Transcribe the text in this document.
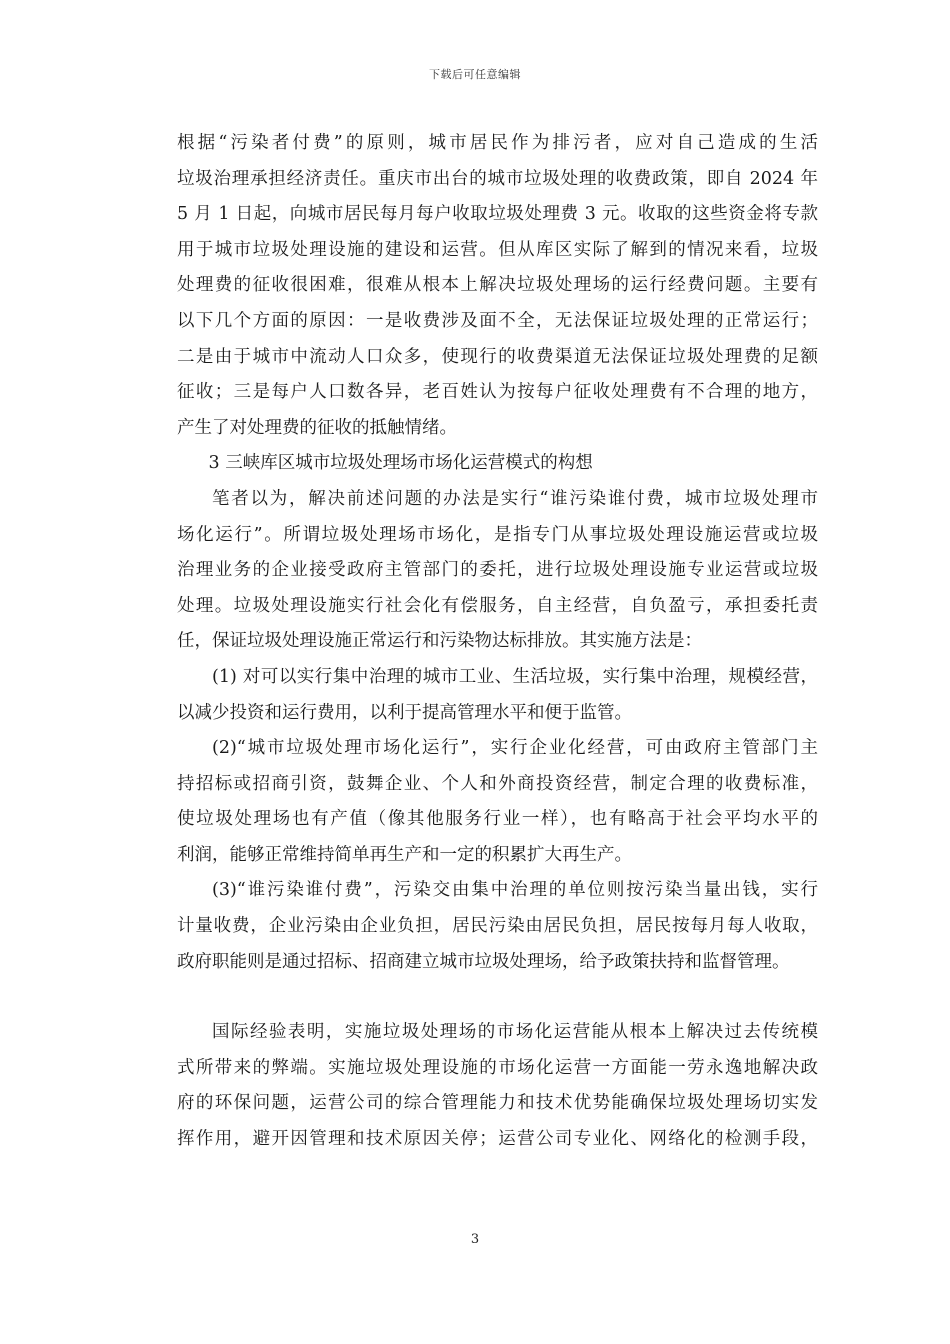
下载后可任意编辑
根据“污染者付费”的原则，城市居民作为排污者，应对自己造成的生活
垃圾治理承担经济责任。重庆市出台的城市垃圾处理的收费政策，即自 2024 年
5 月 1 日起，向城市居民每月每户收取垃圾处理费 3 元。收取的这些资金将专款
用于城市垃圾处理设施的建设和运营。但从库区实际了解到的情况来看，垃圾
处理费的征收很困难，很难从根本上解决垃圾处理场的运行经费问题。主要有
以下几个方面的原因：一是收费涉及面不全，无法保证垃圾处理的正常运行；
二是由于城市中流动人口众多，使现行的收费渠道无法保证垃圾处理费的足额
征收；三是每户人口数各异，老百姓认为按每户征收处理费有不合理的地方，
产生了对处理费的征收的抵触情绪。
3 三峡库区城市垃圾处理场市场化运营模式的构想
笔者以为，解决前述问题的办法是实行“谁污染谁付费，城市垃圾处理市
场化运行”。所谓垃圾处理场市场化，是指专门从事垃圾处理设施运营或垃圾
治理业务的企业接受政府主管部门的委托，进行垃圾处理设施专业运营或垃圾
处理。垃圾处理设施实行社会化有偿服务，自主经营，自负盈亏，承担委托责
任，保证垃圾处理设施正常运行和污染物达标排放。其实施方法是：
(1) 对可以实行集中治理的城市工业、生活垃圾，实行集中治理，规模经营，
以减少投资和运行费用，以利于提高管理水平和便于监管。
(2)“城市垃圾处理市场化运行”，实行企业化经营，可由政府主管部门主
持招标或招商引资，鼓舞企业、个人和外商投资经营，制定合理的收费标准，
使垃圾处理场也有产值（像其他服务行业一样），也有略高于社会平均水平的
利润，能够正常维持简单再生产和一定的积累扩大再生产。
(3)“谁污染谁付费”，污染交由集中治理的单位则按污染当量出钱，实行
计量收费，企业污染由企业负担，居民污染由居民负担，居民按每月每人收取，
政府职能则是通过招标、招商建立城市垃圾处理场，给予政策扶持和监督管理。
国际经验表明，实施垃圾处理场的市场化运营能从根本上解决过去传统模
式所带来的弊端。实施垃圾处理设施的市场化运营一方面能一劳永逸地解决政
府的环保问题，运营公司的综合管理能力和技术优势能确保垃圾处理场切实发
挥作用，避开因管理和技术原因关停；运营公司专业化、网络化的检测手段，
3
